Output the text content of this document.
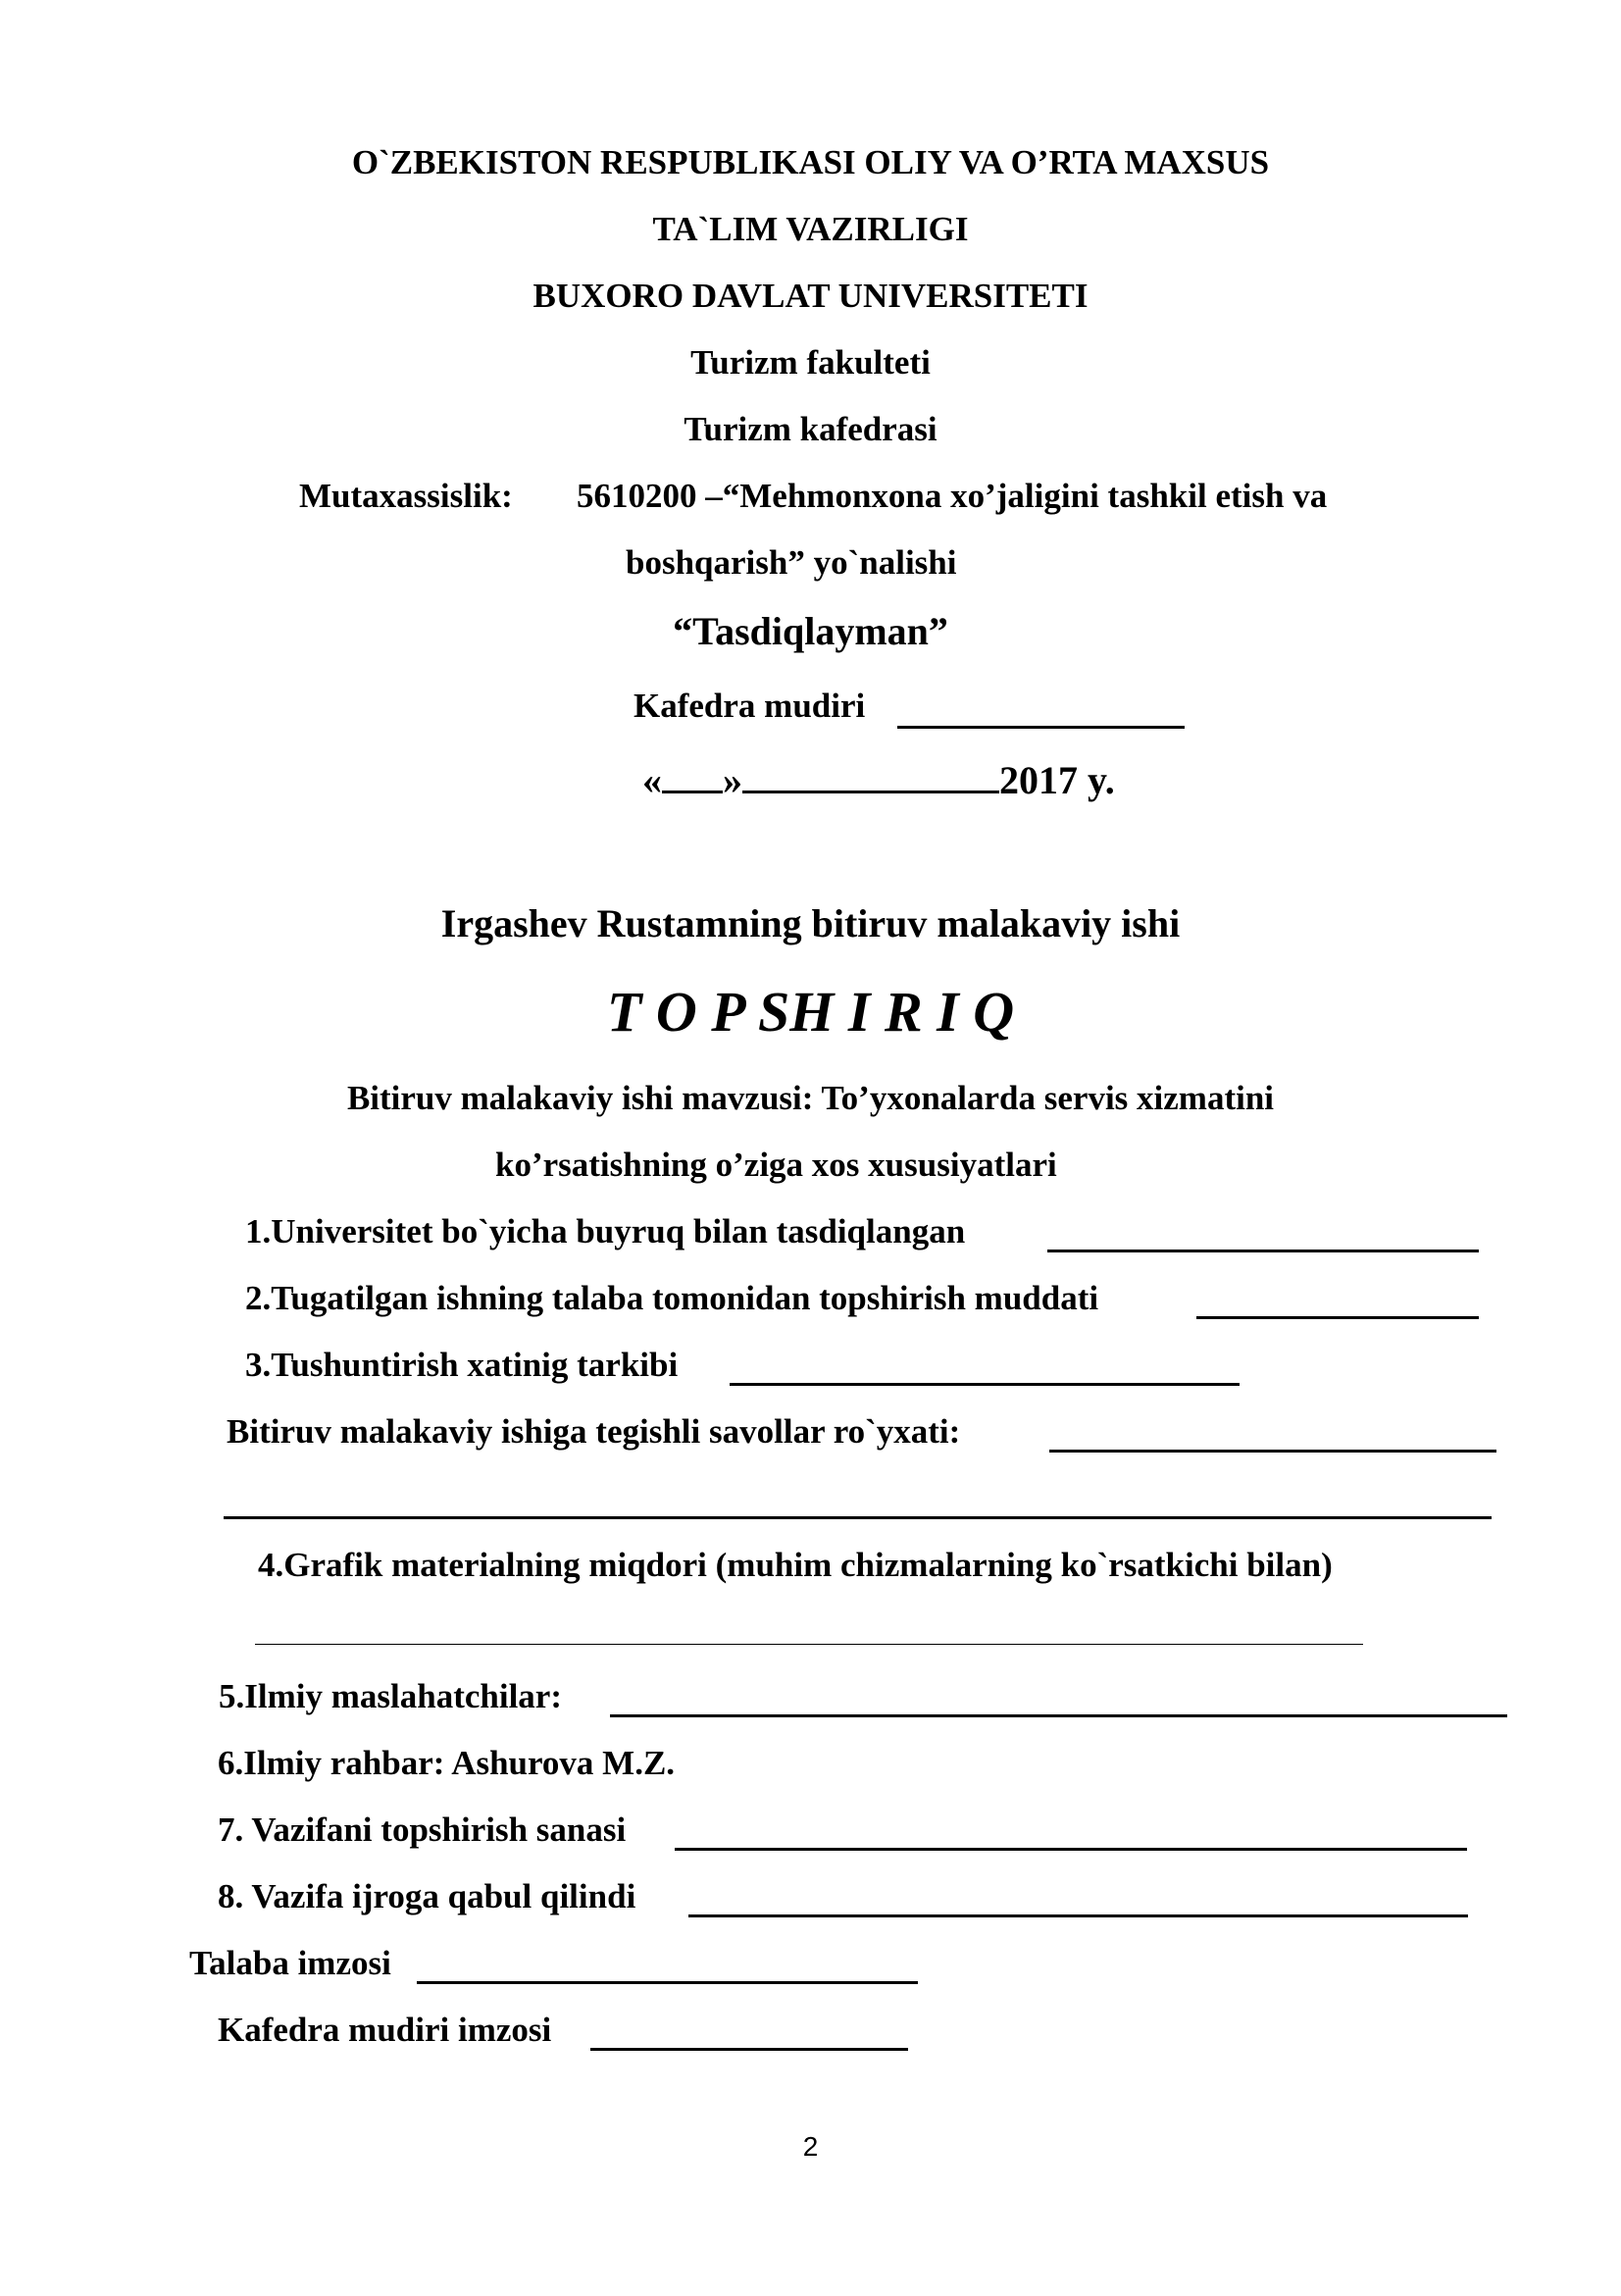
O`ZBEKISTON RESPUBLIKASI OLIY VA O’RTA MAXSUS
TA`LIM VAZIRLIGI
BUXORO DAVLAT UNIVERSITETI
Turizm fakulteti
Turizm kafedrasi
Mutaxassislik: 5610200 –“Mehmonxona xo’jaligini tashkil etish va
boshqarish” yo`nalishi
“Tasdiqlayman”
Kafedra mudiri
« »	2017 y.
Irgashev Rustamning bitiruv malakaviy ishi
T O P SH I R I Q
Bitiruv malakaviy ishi mavzusi: To’yxonalarda servis xizmatini
ko’rsatishning o’ziga xos xususiyatlari
1.Universitet bo`yicha buyruq bilan tasdiqlangan
2.Tugatilgan ishning talaba tomonidan topshirish muddati
3.Tushuntirish xatinig tarkibi
Bitiruv malakaviy ishiga tegishli savollar ro`yxati:
4.Grafik materialning miqdori (muhim chizmalarning ko`rsatkichi bilan)
5.Ilmiy maslahatchilar:
6.Ilmiy rahbar: Ashurova M.Z.
7. Vazifani topshirish sanasi
8. Vazifa ijroga qabul qilindi
Talaba imzosi
Kafedra mudiri imzosi
2
